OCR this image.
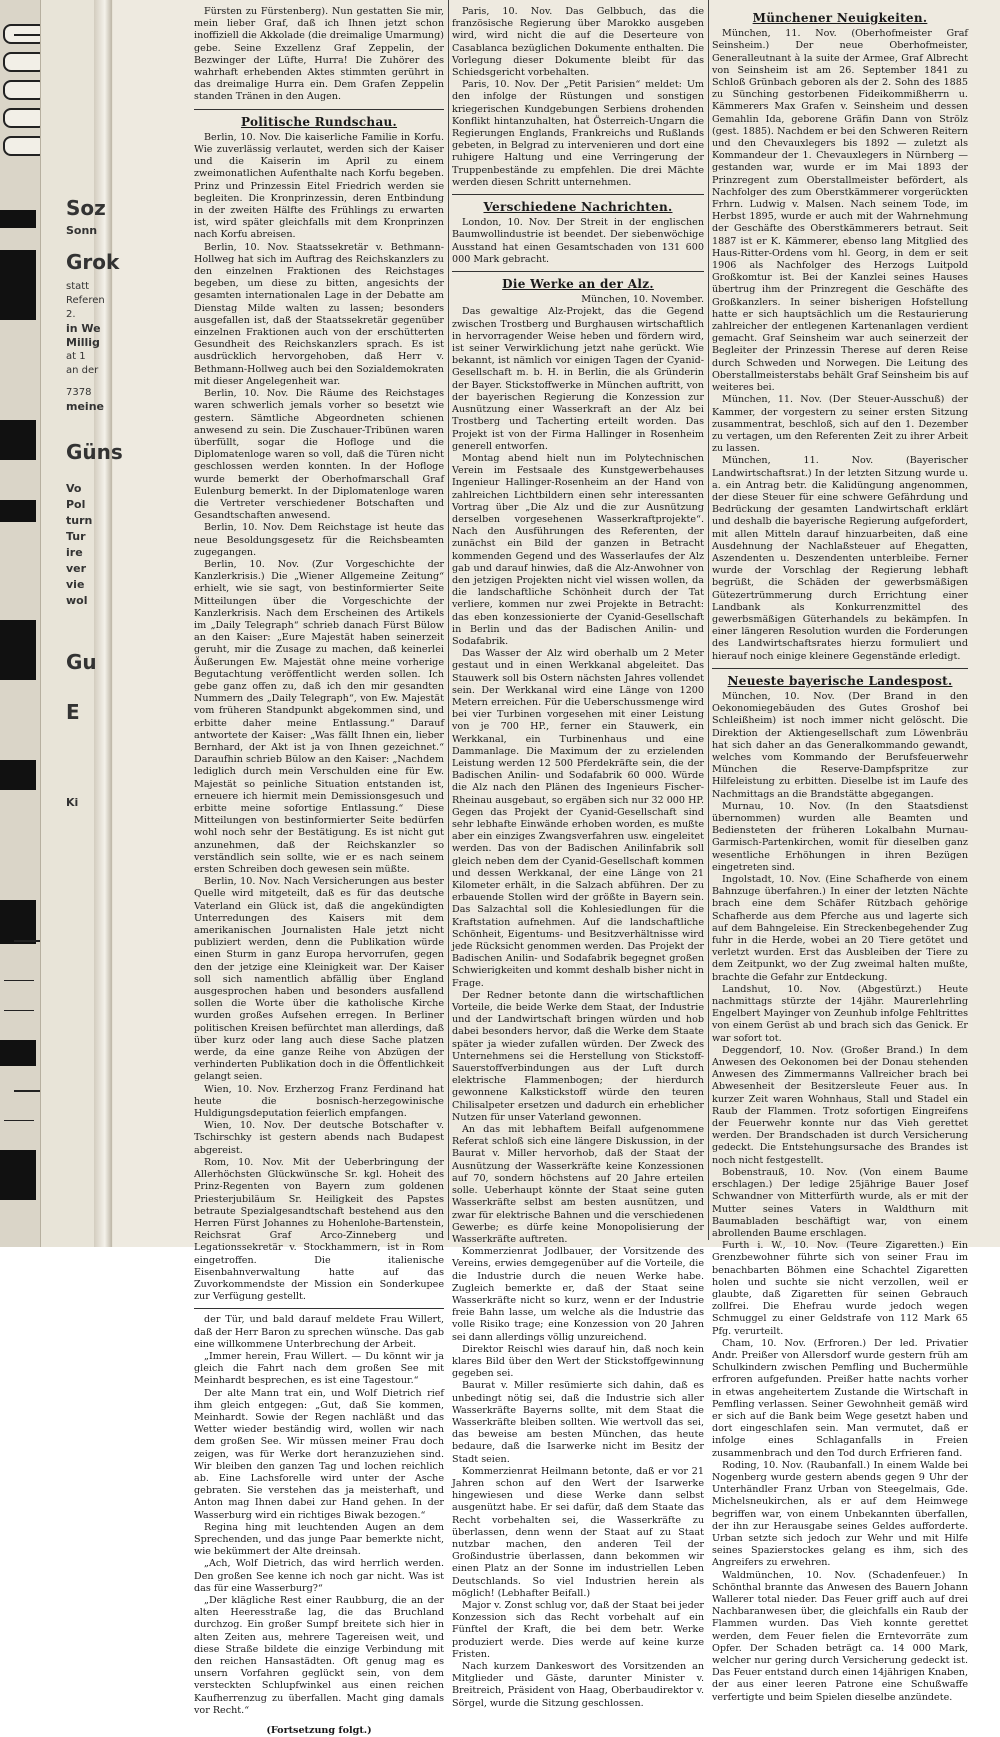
Soz
Sonn
Grok
statt
Referen
2.
in We
Millig
at 1
an der
7378
meine
Güns
Vo
Pol
turn
Tur
ire
ver
vie
wol
Gu
Ki
E

Fürsten zu Fürstenberg). Nun gestatten Sie mir, mein lieber Graf, daß ich Ihnen jetzt schon inoffiziell die Akkolade (die dreimalige Umarmung) gebe. Seine Exzellenz Graf Zeppelin, der Bezwinger der Lüfte, Hurra! Die Zuhörer des wahrhaft erhebenden Aktes stimmten gerührt in das dreimalige Hurra ein. Dem Grafen Zeppelin standen Tränen in den Augen.

Politische Rundschau.

Berlin, 10. Nov. Die kaiserliche Familie in Korfu. Wie zuverlässig verlautet, werden sich der Kaiser und die Kaiserin im April zu einem zweimonatlichen Aufenthalte nach Korfu begeben. Prinz und Prinzessin Eitel Friedrich werden sie begleiten. Die Kronprinzessin, deren Entbindung in der zweiten Hälfte des Frühlings zu erwarten ist, wird später gleichfalls mit dem Kronprinzen nach Korfu abreisen.

Berlin, 10. Nov. Staatssekretär v. Bethmann-Hollweg hat sich im Auftrag des Reichskanzlers zu den einzelnen Fraktionen des Reichstages begeben, um diese zu bitten, angesichts der gesamten internationalen Lage in der Debatte am Dienstag Milde walten zu lassen; besonders ausgefallen ist, daß der Staatssekretär gegenüber einzelnen Fraktionen auch von der erschütterten Gesundheit des Reichskanzlers sprach. Es ist ausdrücklich hervorgehoben, daß Herr v. Bethmann-Hollweg auch bei den Sozialdemokraten mit dieser Angelegenheit war.

Berlin, 10. Nov. Die Räume des Reichstages waren schwerlich jemals vorher so besetzt wie gestern. Sämtliche Abgeordneten schienen anwesend zu sein. Die Zuschauer-Tribünen waren überfüllt, sogar die Hofloge und die Diplomatenloge waren so voll, daß die Türen nicht geschlossen werden konnten. In der Hofloge wurde bemerkt der Oberhofmarschall Graf Eulenburg bemerkt. In der Diplomatenloge waren die Vertreter verschiedener Botschaften und Gesandtschaften anwesend.

Berlin, 10. Nov. Dem Reichstage ist heute das neue Besoldungsgesetz für die Reichsbeamten zugegangen.

Berlin, 10. Nov. (Zur Vorgeschichte der Kanzlerkrisis.) Die „Wiener Allgemeine Zeitung“ erhielt, wie sie sagt, von bestinformierter Seite Mitteilungen über die Vorgeschichte der Kanzlerkrisis. Nach dem Erscheinen des Artikels im „Daily Telegraph“ schrieb danach Fürst Bülow an den Kaiser: „Eure Majestät haben seinerzeit geruht, mir die Zusage zu machen, daß keinerlei Äußerungen Ew. Majestät ohne meine vorherige Begutachtung veröffentlicht werden sollen. Ich gebe ganz offen zu, daß ich den mir gesandten Nummern des „Daily Telegraph“, von Ew. Majestät vom früheren Standpunkt abgekommen sind, und erbitte daher meine Entlassung.“ Darauf antwortete der Kaiser: „Was fällt Ihnen ein, lieber Bernhard, der Akt ist ja von Ihnen gezeichnet.“ Daraufhin schrieb Bülow an den Kaiser: „Nachdem lediglich durch mein Verschulden eine für Ew. Majestät so peinliche Situation entstanden ist, erneuere ich hiermit mein Demissionsgesuch und erbitte meine sofortige Entlassung.“ Diese Mitteilungen von bestinformierter Seite bedürfen wohl noch sehr der Bestätigung. Es ist nicht gut anzunehmen, daß der Reichskanzler so verständlich sein sollte, wie er es nach seinem ersten Schreiben doch gewesen sein müßte.

Berlin, 10. Nov. Nach Versicherungen aus bester Quelle wird mitgeteilt, daß es für das deutsche Vaterland ein Glück ist, daß die angekündigten Unterredungen des Kaisers mit dem amerikanischen Journalisten Hale jetzt nicht publiziert werden, denn die Publikation würde einen Sturm in ganz Europa hervorrufen, gegen den der jetzige eine Kleinigkeit war. Der Kaiser soll sich namentlich abfällig über England ausgesprochen haben und besonders ausfallend sollen die Worte über die katholische Kirche wurden großes Aufsehen erregen. In Berliner politischen Kreisen befürchtet man allerdings, daß über kurz oder lang auch diese Sache platzen werde, da eine ganze Reihe von Abzügen der verhinderten Publikation doch in die Öffentlichkeit gelangt seien.

Wien, 10. Nov. Erzherzog Franz Ferdinand hat heute die bosnisch-herzegowinische Huldigungsdeputation feierlich empfangen.

Wien, 10. Nov. Der deutsche Botschafter v. Tschirschky ist gestern abends nach Budapest abgereist.

Rom, 10. Nov. Mit der Ueberbringung der Allerhöchsten Glückwünsche Sr. kgl. Hoheit des Prinz-Regenten von Bayern zum goldenen Priesterjubiläum Sr. Heiligkeit des Papstes betraute Spezialgesandtschaft bestehend aus den Herren Fürst Johannes zu Hohenlohe-Bartenstein, Reichsrat Graf Arco-Zinneberg und Legationssekretär v. Stockhammern, ist in Rom eingetroffen. Die italienische Eisenbahnverwaltung hatte auf das Zuvorkommendste der Mission ein Sonderkupee zur Verfügung gestellt.

der Tür, und bald darauf meldete Frau Willert, daß der Herr Baron zu sprechen wünsche. Das gab eine willkommene Unterbrechung der Arbeit.

„Immer herein, Frau Willert. — Du könnt wir ja gleich die Fahrt nach dem großen See mit Meinhardt besprechen, es ist eine Tagestour.“

Der alte Mann trat ein, und Wolf Dietrich rief ihm gleich entgegen: „Gut, daß Sie kommen, Meinhardt. Sowie der Regen nachläßt und das Wetter wieder beständig wird, wollen wir nach dem großen See. Wir müssen meiner Frau doch zeigen, was für Werke dort heranzuziehen sind. Wir bleiben den ganzen Tag und lochen reichlich ab. Eine Lachsforelle wird unter der Asche gebraten. Sie verstehen das ja meisterhaft, und Anton mag Ihnen dabei zur Hand gehen. In der Wasserburg wird ein richtiges Biwak bezogen.“

Regina hing mit leuchtenden Augen an dem Sprechenden, und das junge Paar bemerkte nicht, wie bekümmert der Alte dreinsah.

„Ach, Wolf Dietrich, das wird herrlich werden. Den großen See kenne ich noch gar nicht. Was ist das für eine Wasserburg?“

„Der klägliche Rest einer Raubburg, die an der alten Heeresstraße lag, die das Bruchland durchzog. Ein großer Sumpf breitete sich hier in alten Zeiten aus, mehrere Tagereisen weit, und diese Straße bildete die einzige Verbindung mit den reichen Hansastädten. Oft genug mag es unsern Vorfahren geglückt sein, von dem versteckten Schlupfwinkel aus einen reichen Kaufherrenzug zu überfallen. Macht ging damals vor Recht.“

(Fortsetzung folgt.)

Paris, 10. Nov. Das Gelbbuch, das die französische Regierung über Marokko ausgeben wird, wird nicht die auf die Deserteure von Casablanca bezüglichen Dokumente enthalten. Die Vorlegung dieser Dokumente bleibt für das Schiedsgericht vorbehalten.

Paris, 10. Nov. Der „Petit Parisien“ meldet: Um den infolge der Rüstungen und sonstigen kriegerischen Kundgebungen Serbiens drohenden Konflikt hintanzuhalten, hat Österreich-Ungarn die Regierungen Englands, Frankreichs und Rußlands gebeten, in Belgrad zu intervenieren und dort eine ruhigere Haltung und eine Verringerung der Truppenbestände zu empfehlen. Die drei Mächte werden diesen Schritt unternehmen.

Verschiedene Nachrichten.

London, 10. Nov. Der Streit in der englischen Baumwollindustrie ist beendet. Der siebenwöchige Ausstand hat einen Gesamtschaden von 131 600 000 Mark gebracht.

Die Werke an der Alz.

München, 10. November.

Das gewaltige Alz-Projekt, das die Gegend zwischen Trostberg und Burghausen wirtschaftlich in hervorragender Weise heben und fördern wird, ist seiner Verwirklichung jetzt nahe gerückt. Wie bekannt, ist nämlich vor einigen Tagen der Cyanid-Gesellschaft m. b. H. in Berlin, die als Gründerin der Bayer. Stickstoffwerke in München auftritt, von der bayerischen Regierung die Konzession zur Ausnützung einer Wasserkraft an der Alz bei Trostberg und Tacherting erteilt worden. Das Projekt ist von der Firma Hallinger in Rosenheim generell entworfen.

Montag abend hielt nun im Polytechnischen Verein im Festsaale des Kunstgewerbehauses Ingenieur Hallinger-Rosenheim an der Hand von zahlreichen Lichtbildern einen sehr interessanten Vortrag über „Die Alz und die zur Ausnützung derselben vorgesehenen Wasserkraftprojekte“. Nach den Ausführungen des Referenten, der zunächst ein Bild der ganzen in Betracht kommenden Gegend und des Wasserlaufes der Alz gab und darauf hinwies, daß die Alz-Anwohner von den jetzigen Projekten nicht viel wissen wollen, da die landschaftliche Schönheit durch der Tat verliere, kommen nur zwei Projekte in Betracht: das eben konzessionierte der Cyanid-Gesellschaft in Berlin und das der Badischen Anilin- und Sodafabrik.

Das Wasser der Alz wird oberhalb um 2 Meter gestaut und in einen Werkkanal abgeleitet. Das Stauwerk soll bis Ostern nächsten Jahres vollendet sein. Der Werkkanal wird eine Länge von 1200 Metern erreichen. Für die Ueberschussmenge wird bei vier Turbinen vorgesehen mit einer Leistung von je 700 HP., ferner ein Stauwerk, ein Werkkanal, ein Turbinenhaus und eine Dammanlage. Die Maximum der zu erzielenden Leistung werden 12 500 Pferdekräfte sein, die der Badischen Anilin- und Sodafabrik 60 000. Würde die Alz nach den Plänen des Ingenieurs Fischer-Rheinau ausgebaut, so ergäben sich nur 32 000 HP. Gegen das Projekt der Cyanid-Gesellschaft sind sehr lebhafte Einwände erhoben worden, es mußte aber ein einziges Zwangsverfahren usw. eingeleitet werden. Das von der Badischen Anilinfabrik soll gleich neben dem der Cyanid-Gesellschaft kommen und dessen Werkkanal, der eine Länge von 21 Kilometer erhält, in die Salzach abführen. Der zu erbauende Stollen wird der größte in Bayern sein. Das Salzachtal soll die Kohlesiedlungen für die Kraftstation aufnehmen. Auf die landschaftliche Schönheit, Eigentums- und Besitzverhältnisse wird jede Rücksicht genommen werden. Das Projekt der Badischen Anilin- und Sodafabrik begegnet großen Schwierigkeiten und kommt deshalb bisher nicht in Frage.

Der Redner betonte dann die wirtschaftlichen Vorteile, die beide Werke dem Staat, der Industrie und der Landwirtschaft bringen würden und hob dabei besonders hervor, daß die Werke dem Staate später ja wieder zufallen würden. Der Zweck des Unternehmens sei die Herstellung von Stickstoff-Sauerstoffverbindungen aus der Luft durch elektrische Flammenbogen; der hierdurch gewonnene Kalkstickstoff würde den teuren Chilisalpeter ersetzen und dadurch ein erheblicher Nutzen für unser Vaterland gewonnen.

An das mit lebhaftem Beifall aufgenommene Referat schloß sich eine längere Diskussion, in der Baurat v. Miller hervorhob, daß der Staat der Ausnützung der Wasserkräfte keine Konzessionen auf 70, sondern höchstens auf 20 Jahre erteilen solle. Ueberhaupt könnte der Staat seine guten Wasserkräfte selbst am besten ausnützen, und zwar für elektrische Bahnen und die verschiedenen Gewerbe; es dürfe keine Monopolisierung der Wasserkräfte auftreten.

Kommerzienrat Jodlbauer, der Vorsitzende des Vereins, erwies demgegenüber auf die Vorteile, die die Industrie durch die neuen Werke habe. Zugleich bemerkte er, daß der Staat seine Wasserkräfte nicht so kurz, wenn er der Industrie freie Bahn lasse, um welche als die Industrie das volle Risiko trage; eine Konzession von 20 Jahren sei dann allerdings völlig unzureichend.

Direktor Reischl wies darauf hin, daß noch kein klares Bild über den Wert der Stickstoffgewinnung gegeben sei.

Baurat v. Miller resümierte sich dahin, daß es unbedingt nötig sei, daß die Industrie sich aller Wasserkräfte Bayerns sollte, mit dem Staat die Wasserkräfte bleiben sollten. Wie wertvoll das sei, das beweise am besten München, das heute bedaure, daß die Isarwerke nicht im Besitz der Stadt seien.

Kommerzienrat Heilmann betonte, daß er vor 21 Jahren schon auf den Wert der Isarwerke hingewiesen und diese Werke dann selbst ausgenützt habe. Er sei dafür, daß dem Staate das Recht vorbehalten sei, die Wasserkräfte zu überlassen, denn wenn der Staat auf zu Staat nutzbar machen, den anderen Teil der Großindustrie überlassen, dann bekommen wir einen Platz an der Sonne im industriellen Leben Deutschlands. So viel Industrien herein als möglich! (Lebhafter Beifall.)

Major v. Zonst schlug vor, daß der Staat bei jeder Konzession sich das Recht vorbehalt auf ein Fünftel der Kraft, die bei dem betr. Werke produziert werde. Dies werde auf keine kurze Fristen.

Nach kurzem Dankeswort des Vorsitzenden an Mitglieder und Gäste, darunter Minister v. Breitreich, Präsident von Haag, Oberbaudirektor v. Sörgel, wurde die Sitzung geschlossen.

Münchener Neuigkeiten.

München, 11. Nov. (Oberhofmeister Graf Seinsheim.) Der neue Oberhofmeister, Generalleutnant à la suite der Armee, Graf Albrecht von Seinsheim ist am 26. September 1841 zu Schloß Grünbach geboren als der 2. Sohn des 1885 zu Sünching gestorbenen Fideikommißherrn u. Kämmerers Max Grafen v. Seinsheim und dessen Gemahlin Ida, geborene Gräfin Dann von Strölz (gest. 1885). Nachdem er bei den Schweren Reitern und den Chevauxlegers bis 1892 — zuletzt als Kommandeur der 1. Chevauxlegers in Nürnberg — gestanden war, wurde er im Mai 1893 der Prinzregent zum Oberstallmeister befördert, als Nachfolger des zum Oberstkämmerer vorgerückten Frhrn. Ludwig v. Malsen. Nach seinem Tode, im Herbst 1895, wurde er auch mit der Wahrnehmung der Geschäfte des Oberstkämmerers betraut. Seit 1887 ist er K. Kämmerer, ebenso lang Mitglied des Haus-Ritter-Ordens vom hl. Georg, in dem er seit 1906 als Nachfolger des Herzogs Luitpold Großkomtur ist. Bei der Kanzlei seines Hauses übertrug ihm der Prinzregent die Geschäfte des Großkanzlers. In seiner bisherigen Hofstellung hatte er sich hauptsächlich um die Restaurierung zahlreicher der entlegenen Kartenanlagen verdient gemacht. Graf Seinsheim war auch seinerzeit der Begleiter der Prinzessin Therese auf deren Reise durch Schweden und Norwegen. Die Leitung des Oberstallmeisterstabs behält Graf Seinsheim bis auf weiteres bei.

München, 11. Nov. (Der Steuer-Ausschuß) der Kammer, der vorgestern zu seiner ersten Sitzung zusammentrat, beschloß, sich auf den 1. Dezember zu vertagen, um den Referenten Zeit zu ihrer Arbeit zu lassen.

München, 11. Nov. (Bayerischer Landwirtschaftsrat.) In der letzten Sitzung wurde u. a. ein Antrag betr. die Kalidüngung angenommen, der diese Steuer für eine schwere Gefährdung und Bedrückung der gesamten Landwirtschaft erklärt und deshalb die bayerische Regierung aufgefordert, mit allen Mitteln darauf hinzuarbeiten, daß eine Ausdehnung der Nachlaßsteuer auf Ehegatten, Aszendenten u. Deszendenten unterbleibe. Ferner wurde der Vorschlag der Regierung lebhaft begrüßt, die Schäden der gewerbsmäßigen Gütezertrümmerung durch Errichtung einer Landbank als Konkurrenzmittel des gewerbsmäßigen Güterhandels zu bekämpfen. In einer längeren Resolution wurden die Forderungen des Landwirtschaftsrates hierzu formuliert und hierauf noch einige kleinere Gegenstände erledigt.

Neueste bayerische Landespost.

München, 10. Nov. (Der Brand in den Oekonomiegebäuden des Gutes Groshof bei Schleißheim) ist noch immer nicht gelöscht. Die Direktion der Aktiengesellschaft zum Löwenbräu hat sich daher an das Generalkommando gewandt, welches vom Kommando der Berufsfeuerwehr München die Reserve-Dampfspritze zur Hilfeleistung zu erbitten. Dieselbe ist im Laufe des Nachmittags an die Brandstätte abgegangen.

Murnau, 10. Nov. (In den Staatsdienst übernommen) wurden alle Beamten und Bediensteten der früheren Lokalbahn Murnau-Garmisch-Partenkirchen, womit für dieselben ganz wesentliche Erhöhungen in ihren Bezügen eingetreten sind.

Ingolstadt, 10. Nov. (Eine Schafherde von einem Bahnzuge überfahren.) In einer der letzten Nächte brach eine dem Schäfer Rützbach gehörige Schafherde aus dem Pferche aus und lagerte sich auf dem Bahngeleise. Ein Streckenbegehender Zug fuhr in die Herde, wobei an 20 Tiere getötet und verletzt wurden. Erst das Ausbleiben der Tiere zu dem Zeitpunkt, wo der Zug zweimal halten mußte, brachte die Gefahr zur Entdeckung.

Landshut, 10. Nov. (Abgestürzt.) Heute nachmittags stürzte der 14jähr. Maurerlehrling Engelbert Mayinger von Zeunhub infolge Fehltrittes von einem Gerüst ab und brach sich das Genick. Er war sofort tot.

Deggendorf, 10. Nov. (Großer Brand.) In dem Anwesen des Oekonomen bei der Donau stehenden Anwesen des Zimmermanns Vallreicher brach bei Abwesenheit der Besitzersleute Feuer aus. In kurzer Zeit waren Wohnhaus, Stall und Stadel ein Raub der Flammen. Trotz sofortigen Eingreifens der Feuerwehr konnte nur das Vieh gerettet werden. Der Brandschaden ist durch Versicherung gedeckt. Die Entstehungsursache des Brandes ist noch nicht festgestellt.

Bobenstrauß, 10. Nov. (Von einem Baume erschlagen.) Der ledige 25jährige Bauer Josef Schwandner von Mitterfürth wurde, als er mit der Mutter seines Vaters in Waldthurn mit Baumabladen beschäftigt war, von einem abrollenden Baume erschlagen.

Furth i. W., 10. Nov. (Teure Zigaretten.) Ein Grenzbewohner führte sich von seiner Frau im benachbarten Böhmen eine Schachtel Zigaretten holen und suchte sie nicht verzollen, weil er glaubte, daß Zigaretten für seinen Gebrauch zollfrei. Die Ehefrau wurde jedoch wegen Schmuggel zu einer Geldstrafe von 112 Mark 65 Pfg. verurteilt.

Cham, 10. Nov. (Erfroren.) Der led. Privatier Andr. Preißer von Allersdorf wurde gestern früh am Schulkindern zwischen Pemfling und Buchermühle erfroren aufgefunden. Preißer hatte nachts vorher in etwas angeheitertem Zustande die Wirtschaft in Pemfling verlassen. Seiner Gewohnheit gemäß wird er sich auf die Bank beim Wege gesetzt haben und dort eingeschlafen sein. Man vermutet, daß er infolge eines Schlaganfalls in Freien zusammenbrach und den Tod durch Erfrieren fand.

Roding, 10. Nov. (Raubanfall.) In einem Walde bei Nogenberg wurde gestern abends gegen 9 Uhr der Unterhändler Franz Urban von Steegelmais, Gde. Michelsneukirchen, als er auf dem Heimwege begriffen war, von einem Unbekannten überfallen, der ihn zur Herausgabe seines Geldes aufforderte. Urban setzte sich jedoch zur Wehr und mit Hilfe seines Spazierstockes gelang es ihm, sich des Angreifers zu erwehren.

Waldmünchen, 10. Nov. (Schadenfeuer.) In Schönthal brannte das Anwesen des Bauern Johann Wallerer total nieder. Das Feuer griff auch auf drei Nachbaranwesen über, die gleichfalls ein Raub der Flammen wurden. Das Vieh konnte gerettet werden, dem Feuer fielen die Erntevorräte zum Opfer. Der Schaden beträgt ca. 14 000 Mark, welcher nur gering durch Versicherung gedeckt ist. Das Feuer entstand durch einen 14jährigen Knaben, der aus einer leeren Patrone eine Schußwaffe verfertigte und beim Spielen dieselbe anzündete.
